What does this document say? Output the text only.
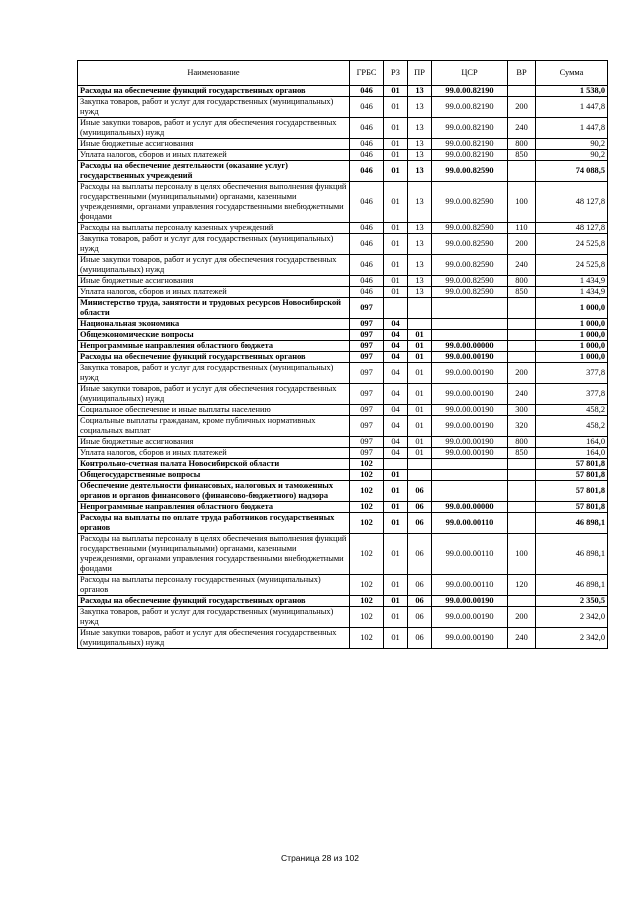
Наименование	ГРБС	РЗ	ПР	ЦСР	ВР	Сумма
Расходы на обеспечение функций государственных органов	046	01	13	99.0.00.82190		1 538,0
Закупка товаров, работ и услуг для государственных (муниципальных) нужд	046	01	13	99.0.00.82190	200	1 447,8
Иные закупки товаров, работ и услуг для обеспечения государственных (муниципальных) нужд	046	01	13	99.0.00.82190	240	1 447,8
Иные бюджетные ассигнования	046	01	13	99.0.00.82190	800	90,2
Уплата налогов, сборов и иных платежей	046	01	13	99.0.00.82190	850	90,2
Расходы на обеспечение деятельности (оказание услуг) государственных учреждений	046	01	13	99.0.00.82590		74 088,5
Расходы на выплаты персоналу в целях обеспечения выполнения функций государственными (муниципальными) органами, казенными учреждениями, органами управления государственными внебюджетными фондами	046	01	13	99.0.00.82590	100	48 127,8
Расходы на выплаты персоналу казенных учреждений	046	01	13	99.0.00.82590	110	48 127,8
Закупка товаров, работ и услуг для государственных (муниципальных) нужд	046	01	13	99.0.00.82590	200	24 525,8
Иные закупки товаров, работ и услуг для обеспечения государственных (муниципальных) нужд	046	01	13	99.0.00.82590	240	24 525,8
Иные бюджетные ассигнования	046	01	13	99.0.00.82590	800	1 434,9
Уплата налогов, сборов и иных платежей	046	01	13	99.0.00.82590	850	1 434,9
Министерство труда, занятости и трудовых ресурсов Новосибирской области	097					1 000,0
Национальная экономика	097	04				1 000,0
Общеэкономические вопросы	097	04	01			1 000,0
Непрограммные направления областного бюджета	097	04	01	99.0.00.00000		1 000,0
Расходы на обеспечение функций государственных органов	097	04	01	99.0.00.00190		1 000,0
Закупка товаров, работ и услуг для государственных (муниципальных) нужд	097	04	01	99.0.00.00190	200	377,8
Иные закупки товаров, работ и услуг для обеспечения государственных (муниципальных) нужд	097	04	01	99.0.00.00190	240	377,8
Социальное обеспечение и иные выплаты населению	097	04	01	99.0.00.00190	300	458,2
Социальные выплаты гражданам, кроме публичных нормативных социальных выплат	097	04	01	99.0.00.00190	320	458,2
Иные бюджетные ассигнования	097	04	01	99.0.00.00190	800	164,0
Уплата налогов, сборов и иных платежей	097	04	01	99.0.00.00190	850	164,0
Контрольно-счетная палата Новосибирской области	102					57 801,8
Общегосударственные вопросы	102	01				57 801,8
Обеспечение деятельности финансовых, налоговых и таможенных органов и органов финансового (финансово-бюджетного) надзора	102	01	06			57 801,8
Непрограммные направления областного бюджета	102	01	06	99.0.00.00000		57 801,8
Расходы на выплаты по оплате труда работников государственных органов	102	01	06	99.0.00.00110		46 898,1
Расходы на выплаты персоналу в целях обеспечения выполнения функций государственными (муниципальными) органами, казенными учреждениями, органами управления государственными внебюджетными фондами	102	01	06	99.0.00.00110	100	46 898,1
Расходы на выплаты персоналу государственных (муниципальных) органов	102	01	06	99.0.00.00110	120	46 898,1
Расходы на обеспечение функций государственных органов	102	01	06	99.0.00.00190		2 350,5
Закупка товаров, работ и услуг для государственных (муниципальных) нужд	102	01	06	99.0.00.00190	200	2 342,0
Иные закупки товаров, работ и услуг для обеспечения государственных (муниципальных) нужд	102	01	06	99.0.00.00190	240	2 342,0
Страница 28 из 102
